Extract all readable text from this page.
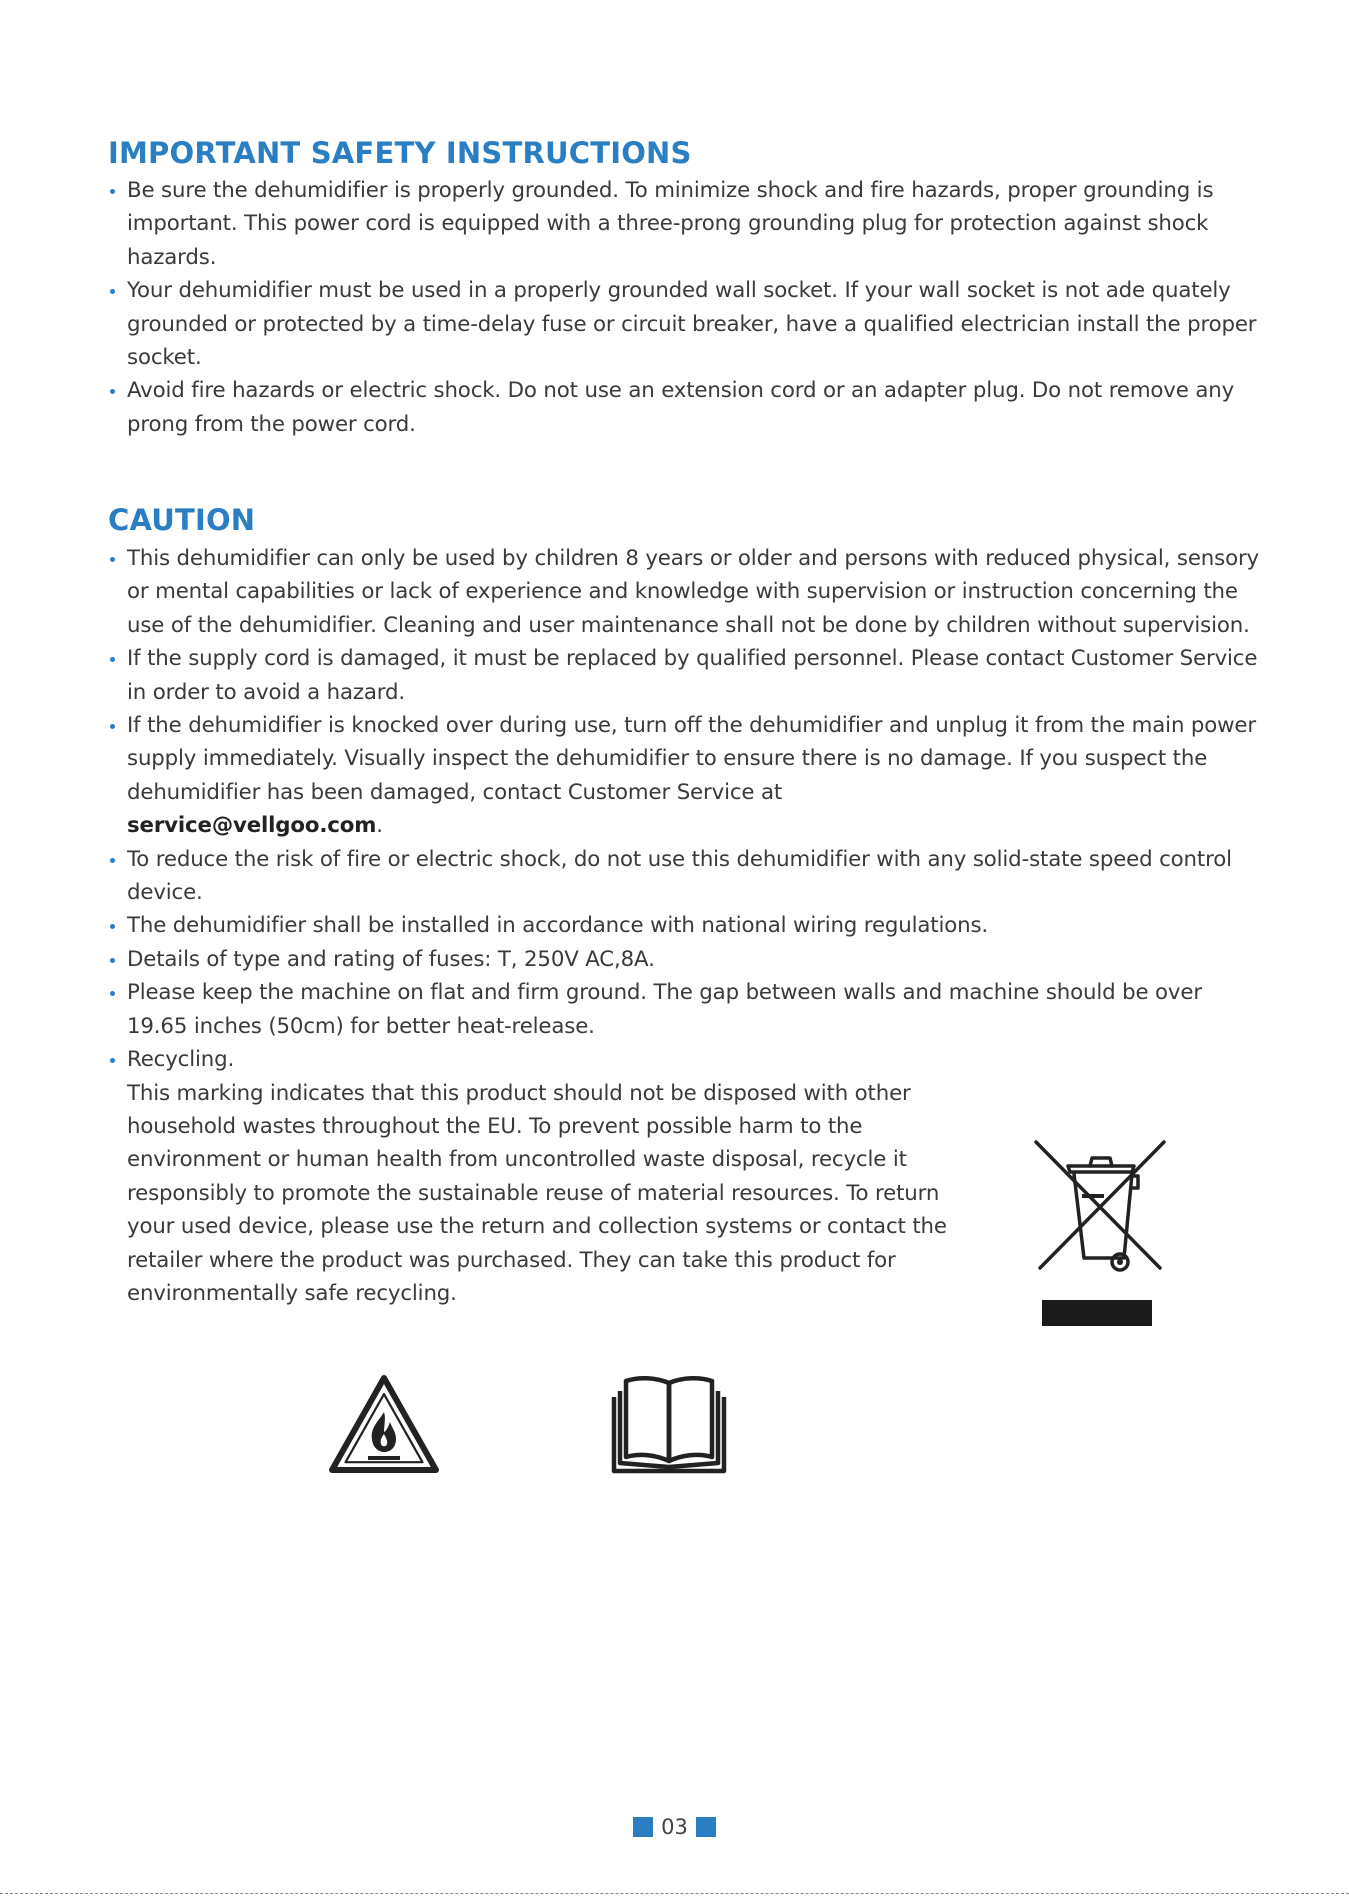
IMPORTANT SAFETY INSTRUCTIONS
Be sure the dehumidifier is properly grounded. To minimize shock and fire hazards, proper grounding is important. This power cord is equipped with a three-prong grounding plug for protection against shock hazards.
Your dehumidifier must be used in a properly grounded wall socket. If your wall socket is not ade quately grounded or protected by a time-delay fuse or circuit breaker, have a qualified electrician install the proper socket.
Avoid fire hazards or electric shock. Do not use an extension cord or an adapter plug. Do not remove any prong from the power cord.
CAUTION
This dehumidifier can only be used by children 8 years or older and persons with reduced physical, sensory or mental capabilities or lack of experience and knowledge with supervision or instruction concerning the use of the dehumidifier. Cleaning and user maintenance shall not be done by children without supervision.
If the supply cord is damaged, it must be replaced by qualified personnel. Please contact Customer Service in order to avoid a hazard.
If the dehumidifier is knocked over during use, turn off the dehumidifier and unplug it from the main power supply immediately. Visually inspect the dehumidifier to ensure there is no damage. If you suspect the dehumidifier has been damaged, contact Customer Service at
service@vellgoo.com.
To reduce the risk of fire or electric shock, do not use this dehumidifier with any solid-state speed control device.
The dehumidifier shall be installed in accordance with national wiring regulations.
Details of type and rating of fuses: T, 250V AC,8A.
Please keep the machine on flat and firm ground. The gap between walls and machine should be over 19.65 inches (50cm) for better heat-release.
Recycling.
This marking indicates that this product should not be disposed with other household wastes throughout the EU. To prevent possible harm to the environment or human health from uncontrolled waste disposal, recycle it responsibly to promote the sustainable reuse of material resources. To return your used device, please use the return and collection systems or contact the retailer where the product was purchased. They can take this product for environmentally safe recycling.
03
